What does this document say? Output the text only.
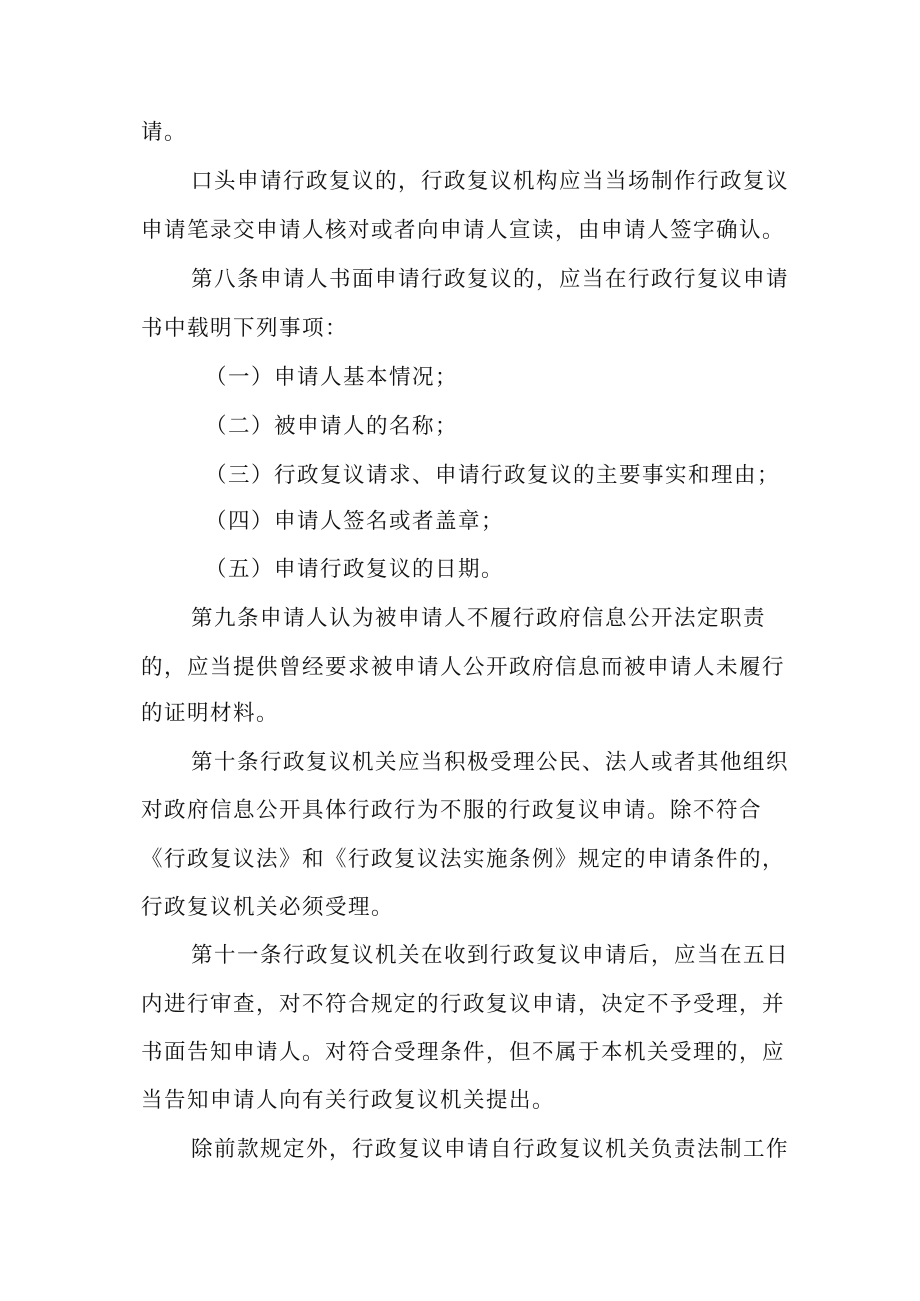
请。
口头申请行政复议的，行政复议机构应当当场制作行政复议
申请笔录交申请人核对或者向申请人宣读，由申请人签字确认。
第八条申请人书面申请行政复议的，应当在行政行复议申请
书中载明下列事项：
（一）申请人基本情况；
（二）被申请人的名称；
（三）行政复议请求、申请行政复议的主要事实和理由；
（四）申请人签名或者盖章；
（五）申请行政复议的日期。
第九条申请人认为被申请人不履行政府信息公开法定职责
的，应当提供曾经要求被申请人公开政府信息而被申请人未履行
的证明材料。
第十条行政复议机关应当积极受理公民、法人或者其他组织
对政府信息公开具体行政行为不服的行政复议申请。除不符合
《行政复议法》和《行政复议法实施条例》规定的申请条件的，
行政复议机关必须受理。
第十一条行政复议机关在收到行政复议申请后，应当在五日
内进行审查，对不符合规定的行政复议申请，决定不予受理，并
书面告知申请人。对符合受理条件，但不属于本机关受理的，应
当告知申请人向有关行政复议机关提出。
除前款规定外，行政复议申请自行政复议机关负责法制工作
